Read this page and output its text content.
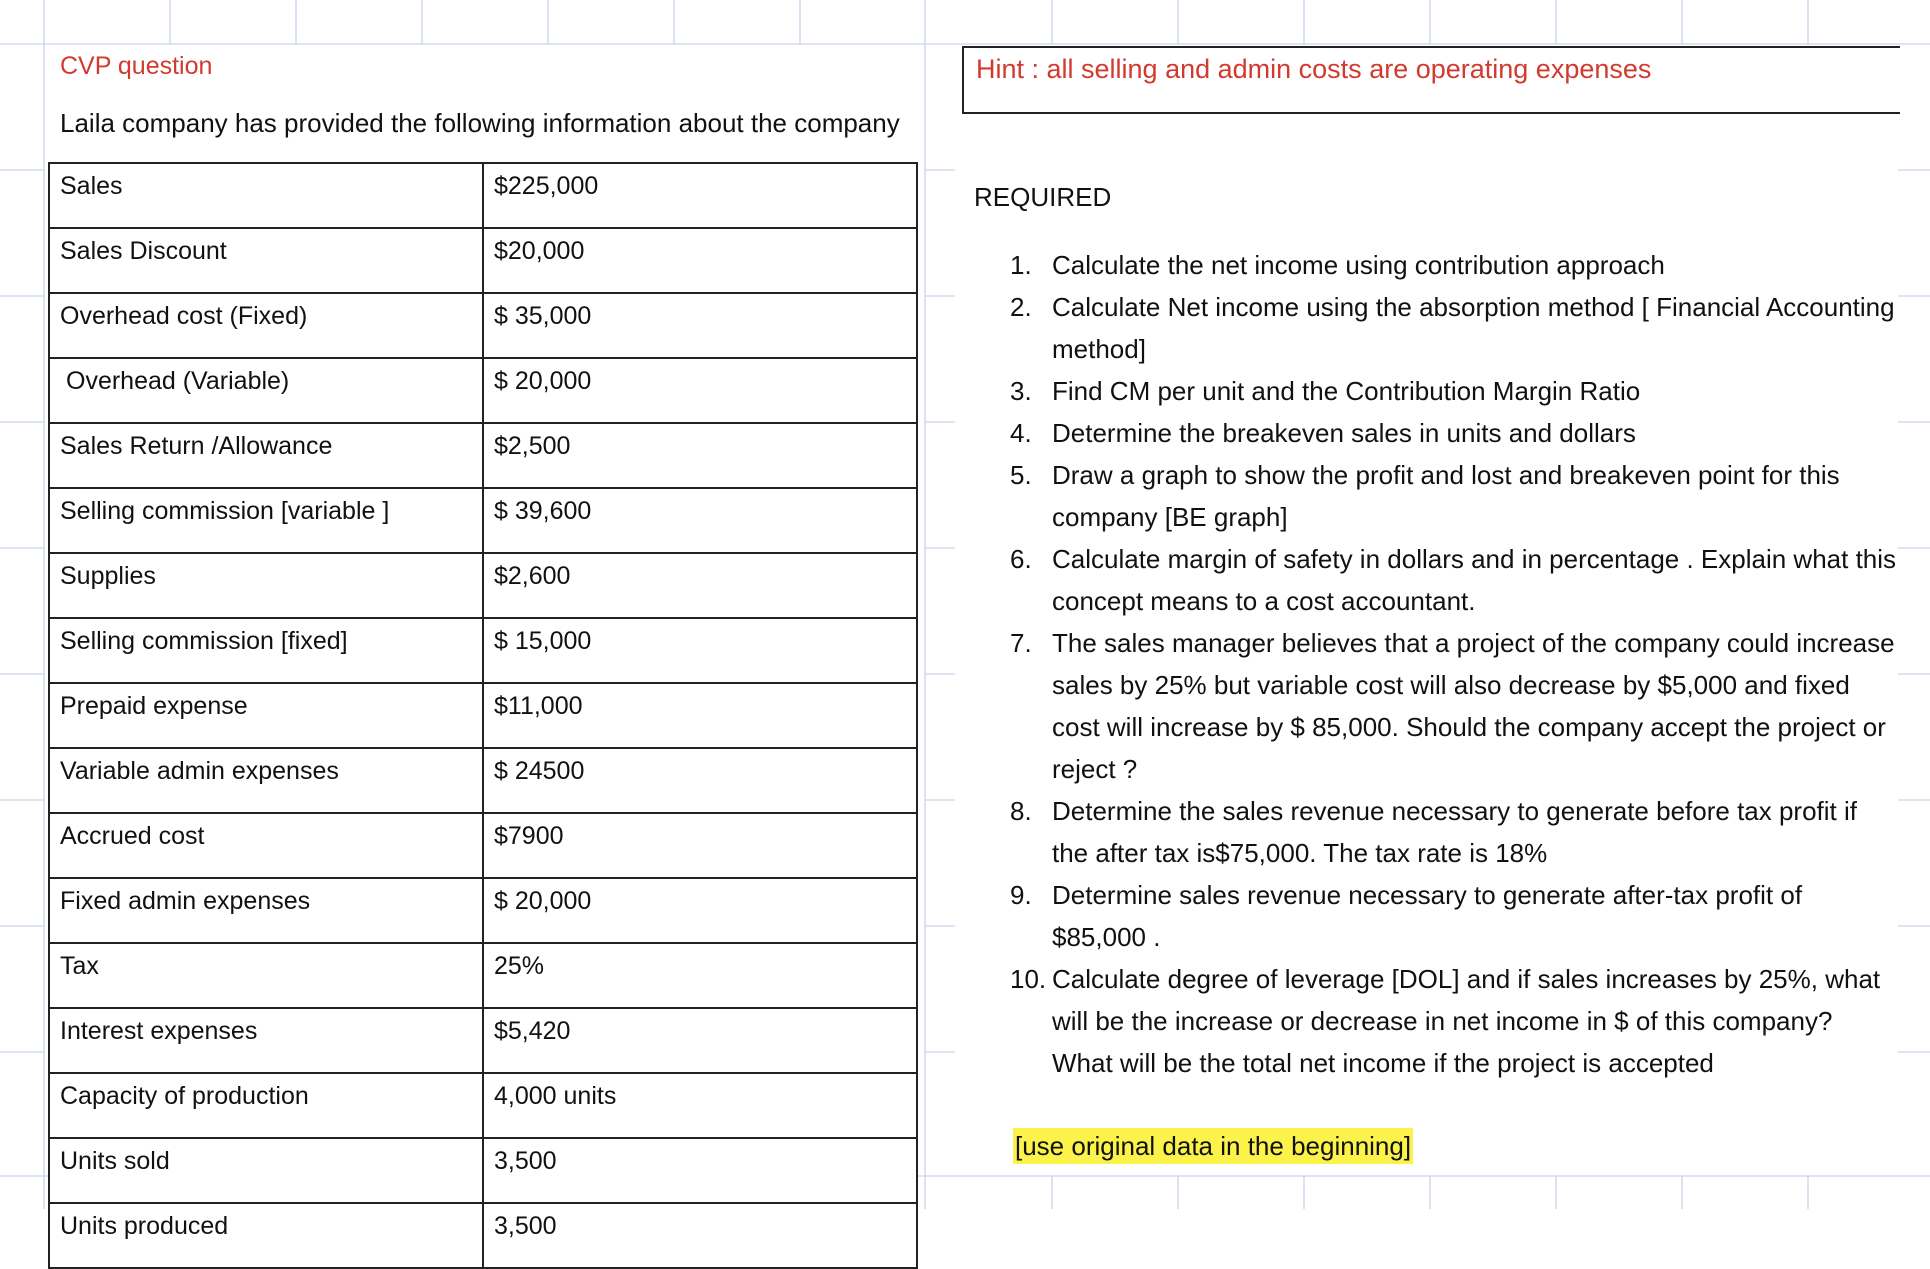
CVP question
Laila company has provided the following information about the company
Sales	$225,000
Sales Discount	$20,000
Overhead cost (Fixed)	$ 35,000
Overhead (Variable)	$ 20,000
Sales Return /Allowance	$2,500
Selling commission [variable ]	$ 39,600
Supplies	$2,600
Selling commission [fixed]	$ 15,000
Prepaid expense	$11,000
Variable admin expenses	$ 24500
Accrued cost	$7900
Fixed admin expenses	$ 20,000
Tax	25%
Interest expenses	$5,420
Capacity of production	4,000 units
Units sold	3,500
Units produced	3,500
Hint : all selling and admin costs are operating expenses
REQUIRED
1. Calculate the net income using contribution approach
2. Calculate Net income using the absorption method [ Financial Accounting method]
3. Find CM per unit and the Contribution Margin Ratio
4. Determine the breakeven sales in units and dollars
5. Draw a graph to show the profit and lost and breakeven point for this company [BE graph]
6. Calculate margin of safety in dollars and in percentage . Explain what this concept means to a cost accountant.
7. The sales manager believes that a project of the company could increase sales by 25% but variable cost will also decrease by $5,000 and fixed cost will increase by $ 85,000. Should the company accept the project or reject ?
8. Determine the sales revenue necessary to generate before tax profit if the after tax is$75,000. The tax rate is 18%
9. Determine sales revenue necessary to generate after-tax profit of $85,000 .
10. Calculate degree of leverage [DOL] and if sales increases by 25%, what will be the increase or decrease in net income in $ of this company? What will be the total net income if the project is accepted
[use original data in the beginning]
